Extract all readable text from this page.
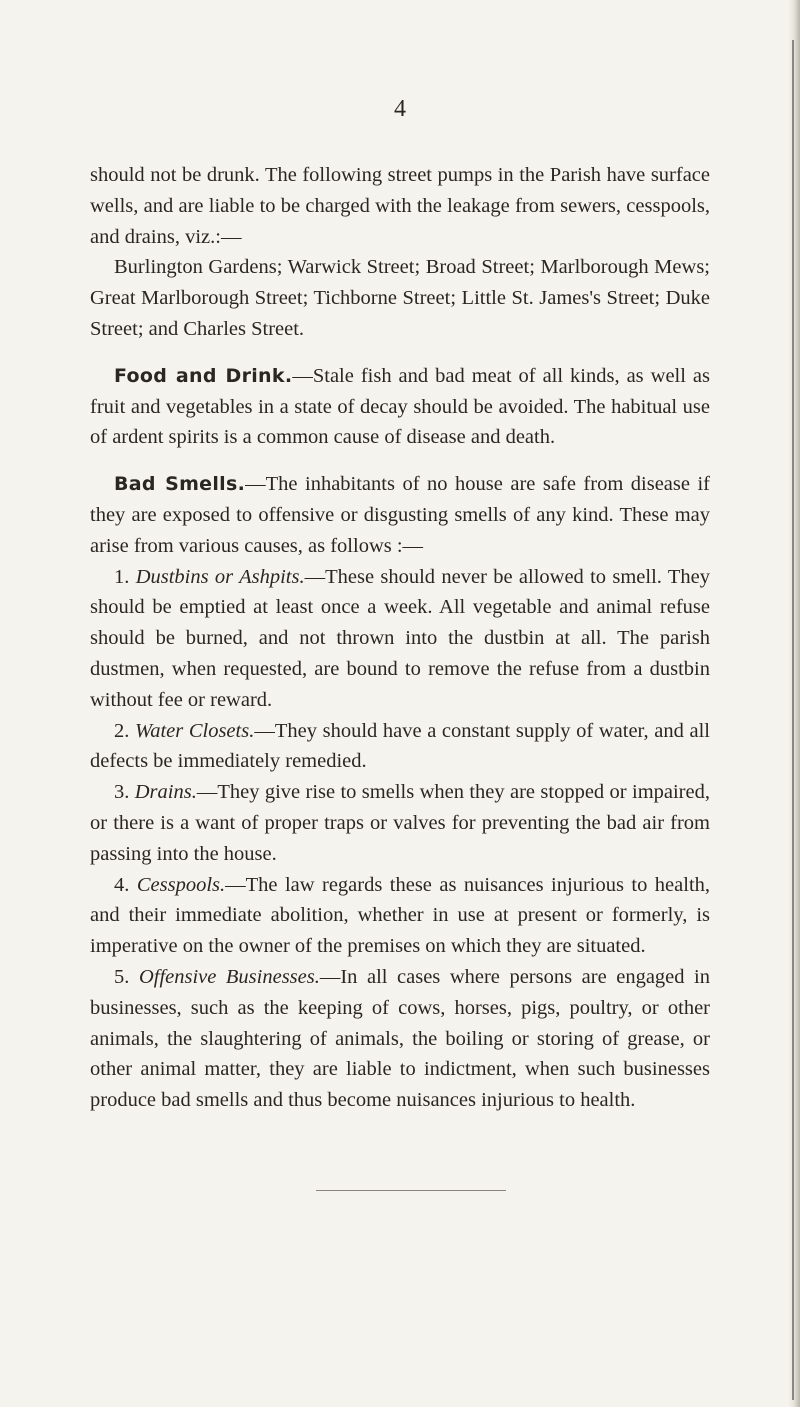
4

should not be drunk. The following street pumps in the Parish have surface wells, and are liable to be charged with the leakage from sewers, cesspools, and drains, viz.:—

Burlington Gardens; Warwick Street; Broad Street; Marlborough Mews; Great Marlborough Street; Tichborne Street; Little St. James's Street; Duke Street; and Charles Street.

Food and Drink.—Stale fish and bad meat of all kinds, as well as fruit and vegetables in a state of decay should be avoided. The habitual use of ardent spirits is a common cause of disease and death.

Bad Smells.—The inhabitants of no house are safe from disease if they are exposed to offensive or disgusting smells of any kind. These may arise from various causes, as follows :—

1. Dustbins or Ashpits.—These should never be allowed to smell. They should be emptied at least once a week. All vegetable and animal refuse should be burned, and not thrown into the dustbin at all. The parish dustmen, when requested, are bound to remove the refuse from a dustbin without fee or reward.

2. Water Closets.—They should have a constant supply of water, and all defects be immediately remedied.

3. Drains.—They give rise to smells when they are stopped or impaired, or there is a want of proper traps or valves for preventing the bad air from passing into the house.

4. Cesspools.—The law regards these as nuisances injurious to health, and their immediate abolition, whether in use at present or formerly, is imperative on the owner of the premises on which they are situated.

5. Offensive Businesses.—In all cases where persons are engaged in businesses, such as the keeping of cows, horses, pigs, poultry, or other animals, the slaughtering of animals, the boiling or storing of grease, or other animal matter, they are liable to indictment, when such businesses produce bad smells and thus become nuisances injurious to health.
